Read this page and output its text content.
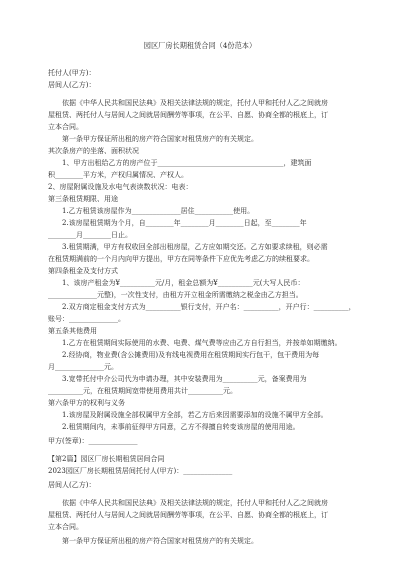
园区厂房长期租赁合同（4份范本）
托付人(甲方)：
居间人(乙方)：
依据《中华人民共和国民法典》及相关法律法规的规定，托付人甲和托付人乙之间就房
屋租赁、两托付人与居间人之间就居间酬劳等事项，在公平、自愿、协商全都的根底上，订
立本合同。
第一条甲方保证所出租的房产符合国家对租赁房产的有关规定。
其次条房产的坐落、面积状况
1、甲方出租给乙方的房产位于____________________________________，建筑面
积________平方米，产权归属情况、产权人。
2、房屋附属设施及水电气表读数状况：电表：
第三条租赁期限、用途
1.乙方租赁该房屋作为______________居住___________使用。
2.该房屋租赁期为个月，自________年________月________日起，至________年
________月________日止。
3.租赁期满，甲方有权收回全部出租房屋，乙方应如期交还。乙方如要求续租，则必需
在租赁期满前的一个月内向甲方提出，甲方在同等条件下应优先考虑乙方的续租要求。
第四条租金及支付方式
1、该房产租金为¥__________元/月，租金总额为¥__________元(大写人民币：
______________元整)，一次性支付，由租方开立租金所需缴纳之税金由乙方担当。
2.双方商定租金支付方式为__________银行支付，开户名：__________，开户行：__________，
账号：______________。
第五条其他费用
1.乙方在租赁期间实际使用的水费、电费、煤气费等应由乙方自行担当，并按单如期缴纳。
2.经协商，物业费(含公摊费用)及有线电视费用在租赁期间实行包干，包干费用为每
月______________元。
3.宽带托付中介公司代为申请办理，其中安装费用为__________元，备案费用为
__________元，在租赁期间宽带使用费用共计__________元。
第六条甲方的权利与义务
1.该房屋及附属设施全部权属甲方全部，若乙方后来因需要添加的设施不属甲方全部。
2.租赁期间内，未事前征得甲方同意，乙方不得擅自转变该房屋的使用用途。
甲方(签章)：______________
【第2篇】园区厂房长期租赁居间合同
2023园区厂房长期租赁居间托付人(甲方)：______________
居间人(乙方)：
依据《中华人民共和国民法典》及相关法律法规的规定，托付人甲和托付人乙之间就房
屋租赁、两托付人与居间人之间就居间酬劳等事项，在公平、自愿、协商全都的根底上，订
立本合同。
第一条甲方保证所出租的房产符合国家对租赁房产的有关规定。
